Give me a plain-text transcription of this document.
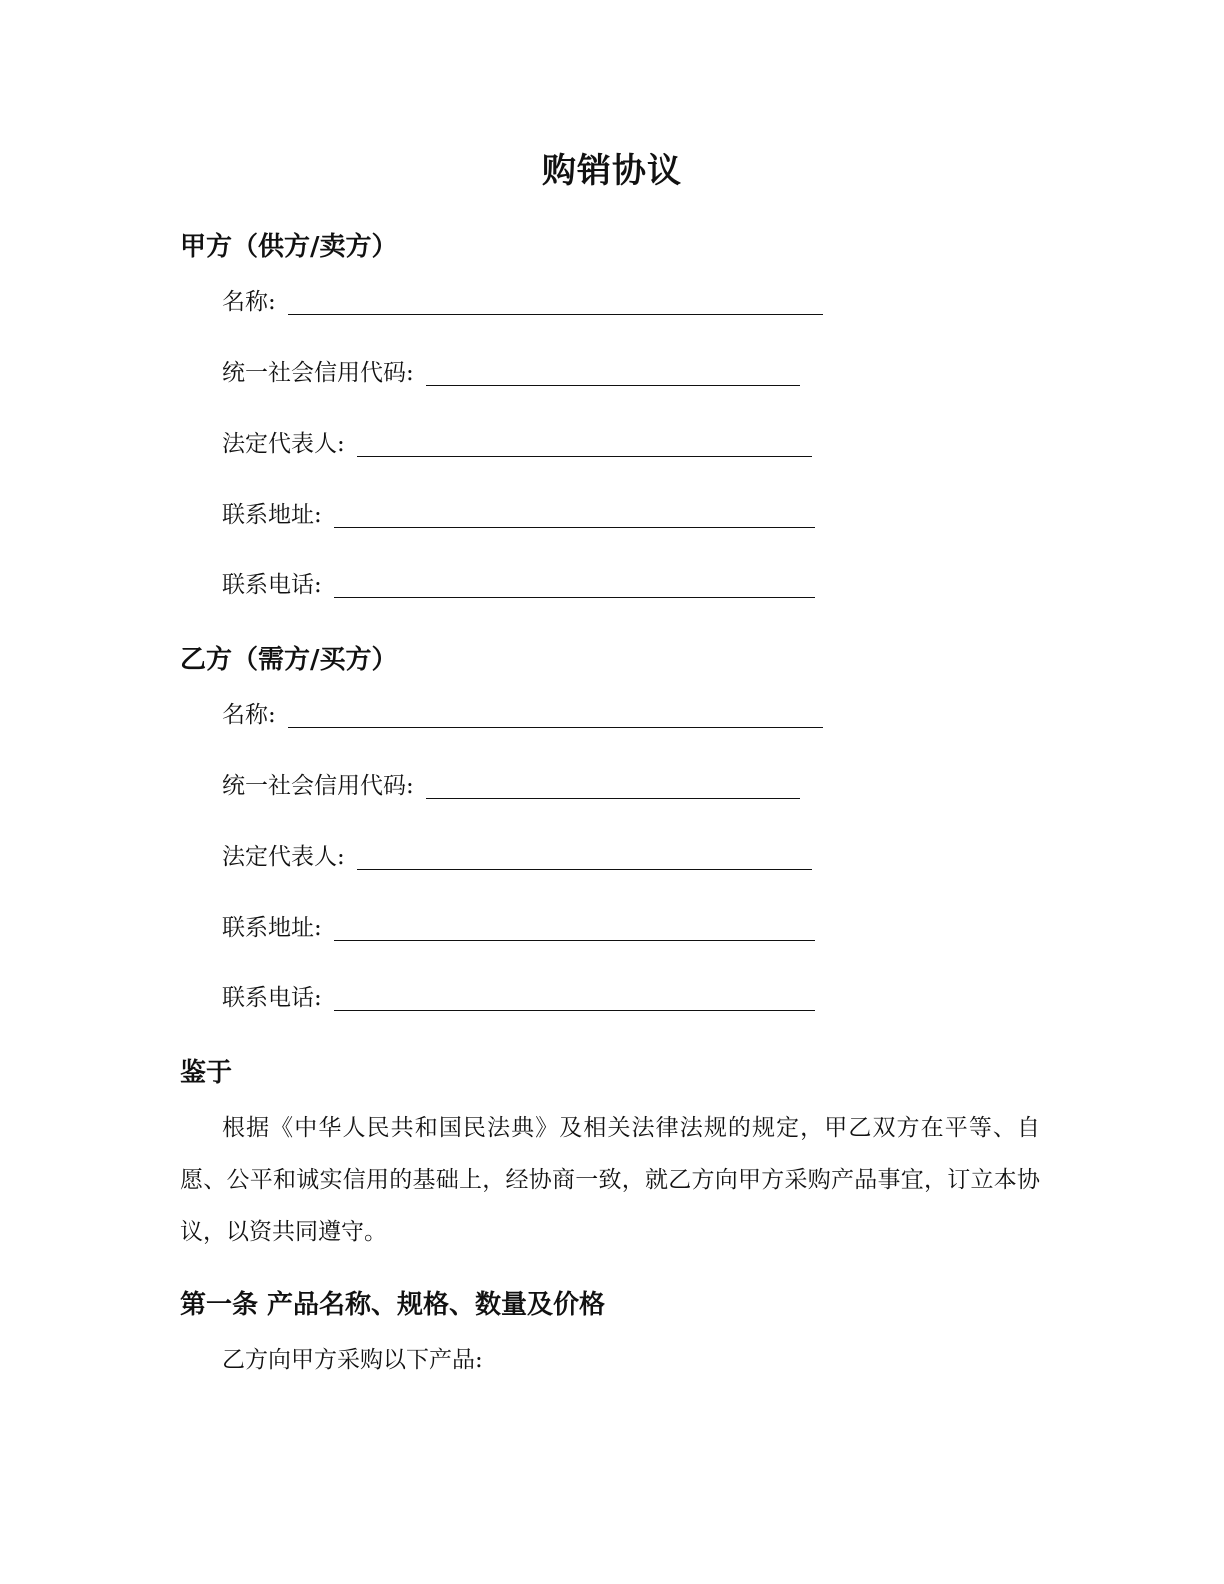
购销协议
甲方（供方/卖方）
名称:
统一社会信用代码:
法定代表人:
联系地址:
联系电话:
乙方（需方/买方）
名称:
统一社会信用代码:
法定代表人:
联系地址:
联系电话:
鉴于
根据《中华人民共和国民法典》及相关法律法规的规定，甲乙双方在平等、自愿、公平和诚实信用的基础上，经协商一致，就乙方向甲方采购产品事宜，订立本协议，以资共同遵守。
第一条 产品名称、规格、数量及价格
乙方向甲方采购以下产品:
